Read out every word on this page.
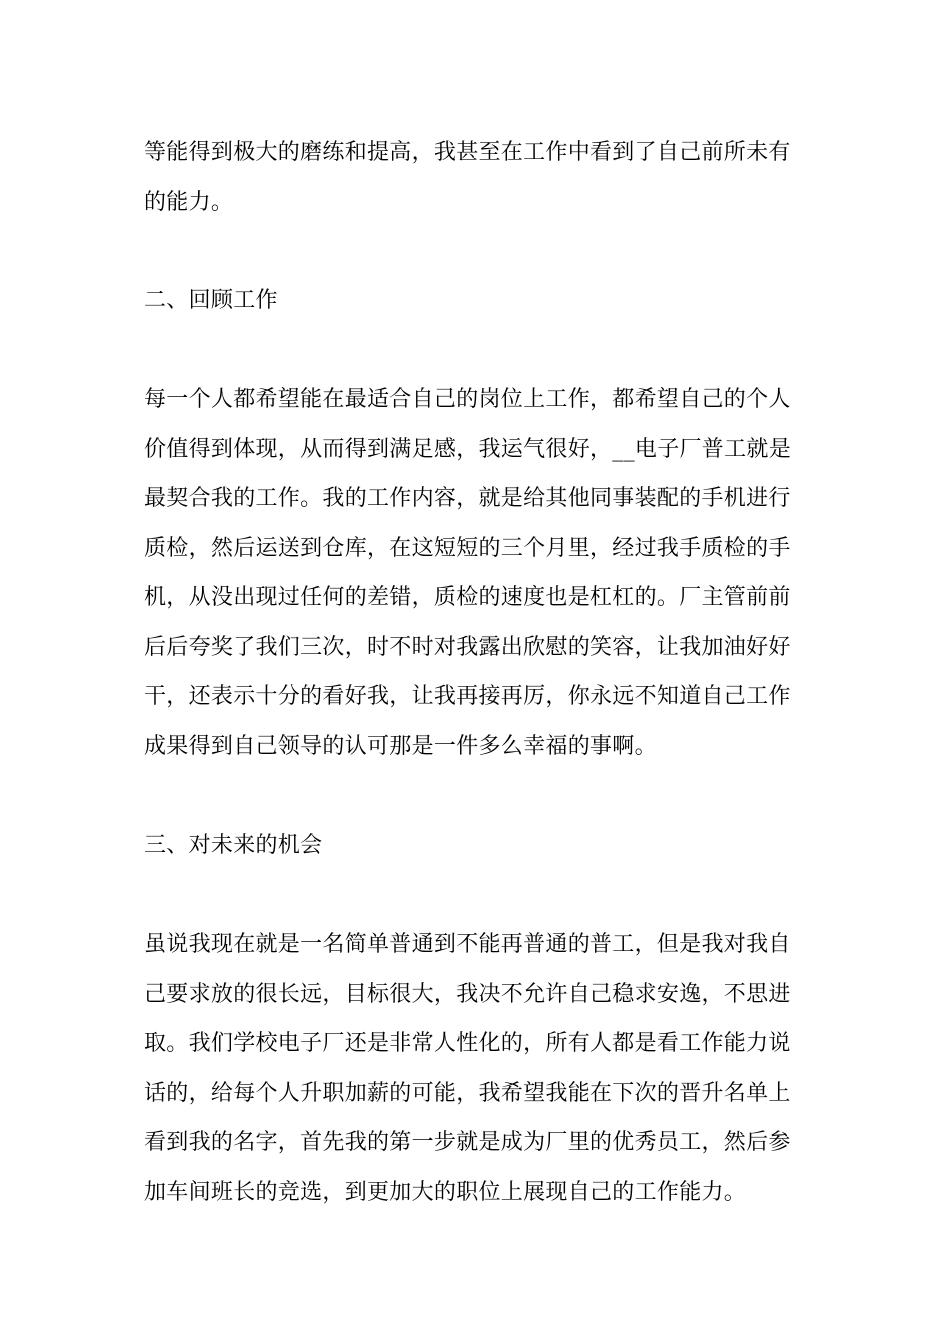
等能得到极大的磨练和提高，我甚至在工作中看到了自己前所未有
的能力。
二、回顾工作
每一个人都希望能在最适合自己的岗位上工作，都希望自己的个人
价值得到体现，从而得到满足感，我运气很好，__电子厂普工就是
最契合我的工作。我的工作内容，就是给其他同事装配的手机进行
质检，然后运送到仓库，在这短短的三个月里，经过我手质检的手
机，从没出现过任何的差错，质检的速度也是杠杠的。厂主管前前
后后夸奖了我们三次，时不时对我露出欣慰的笑容，让我加油好好
干，还表示十分的看好我，让我再接再厉，你永远不知道自己工作
成果得到自己领导的认可那是一件多么幸福的事啊。
三、对未来的机会
虽说我现在就是一名简单普通到不能再普通的普工，但是我对我自
己要求放的很长远，目标很大，我决不允许自己稳求安逸，不思进
取。我们学校电子厂还是非常人性化的，所有人都是看工作能力说
话的，给每个人升职加薪的可能，我希望我能在下次的晋升名单上
看到我的名字，首先我的第一步就是成为厂里的优秀员工，然后参
加车间班长的竞选，到更加大的职位上展现自己的工作能力。
